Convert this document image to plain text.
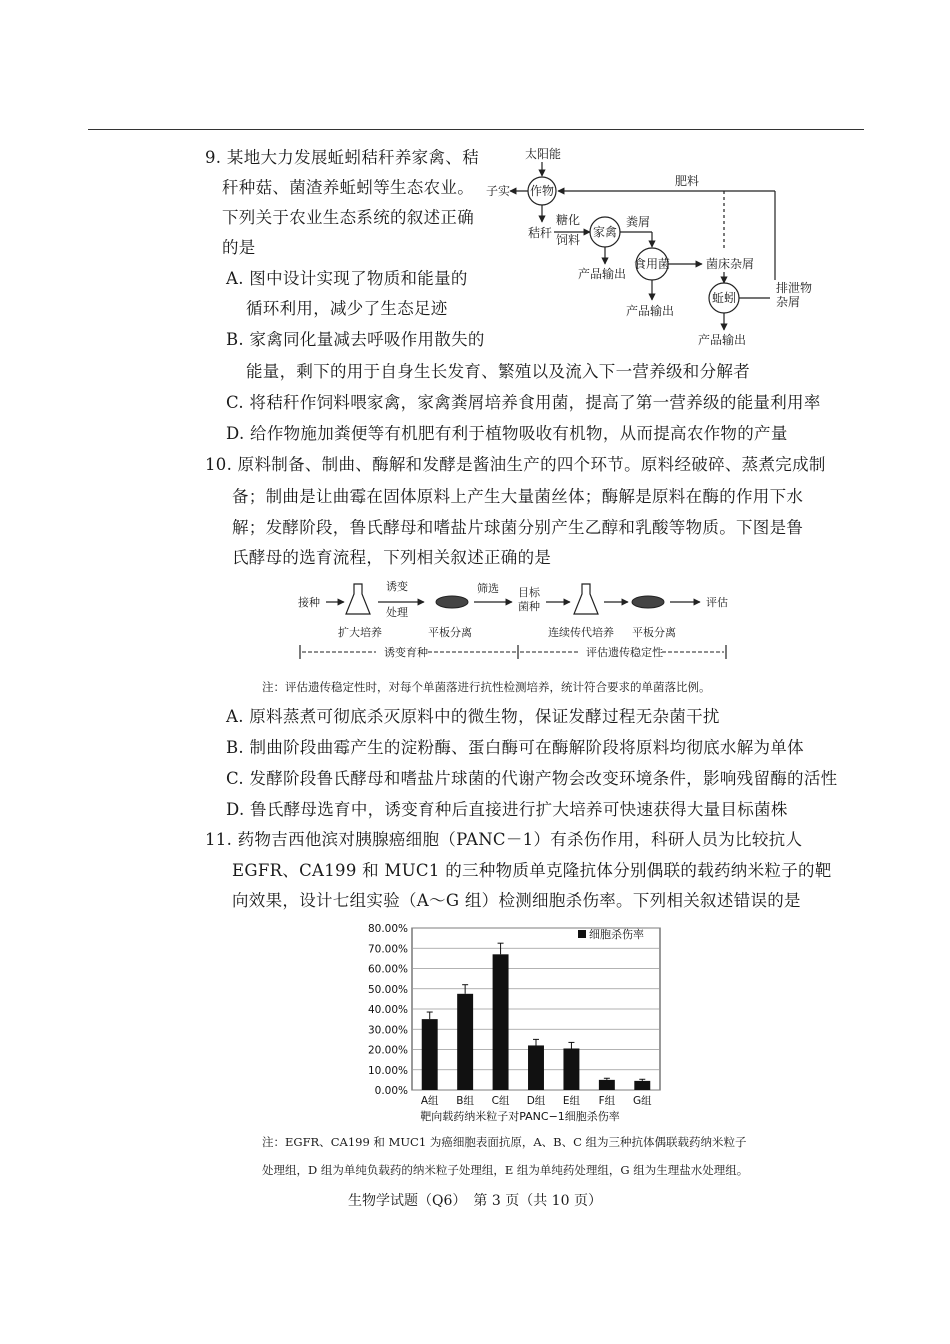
9. 某地大力发展蚯蚓秸秆养家禽、秸
秆种菇、菌渣养蚯蚓等生态农业。
下列关于农业生态系统的叙述正确
的是
A. 图中设计实现了物质和能量的
循环利用，减少了生态足迹
B. 家禽同化量减去呼吸作用散失的
能量，剩下的用于自身生长发育、繁殖以及流入下一营养级和分解者
C. 将秸秆作饲料喂家禽，家禽粪屑培养食用菌，提高了第一营养级的能量利用率
D. 给作物施加粪便等有机肥有利于植物吸收有机物，从而提高农作物的产量
太阳能
作物
子实
肥料
秸秆
糖化
饲料
家禽
产品输出
粪屑
食用菌
产品输出
菌床杂屑
蚯蚓
排泄物
杂屑
产品输出
10. 原料制备、制曲、酶解和发酵是酱油生产的四个环节。原料经破碎、蒸煮完成制
备；制曲是让曲霉在固体原料上产生大量菌丝体；酶解是原料在酶的作用下水
解；发酵阶段，鲁氏酵母和嗜盐片球菌分别产生乙醇和乳酸等物质。下图是鲁
氏酵母的选育流程，下列相关叙述正确的是
接种
诱变
处理
筛选 目标
菌种	评估
扩大培养	平板分离	连续传代培养 平板分离
诱变育种	评估遗传稳定性
注：评估遗传稳定性时，对每个单菌落进行抗性检测培养，统计符合要求的单菌落比例。
A. 原料蒸煮可彻底杀灭原料中的微生物，保证发酵过程无杂菌干扰
B. 制曲阶段曲霉产生的淀粉酶、蛋白酶可在酶解阶段将原料均彻底水解为单体
C. 发酵阶段鲁氏酵母和嗜盐片球菌的代谢产物会改变环境条件，影响残留酶的活性
D. 鲁氏酵母选育中，诱变育种后直接进行扩大培养可快速获得大量目标菌株
11. 药物吉西他滨对胰腺癌细胞（PANC－1）有杀伤作用，科研人员为比较抗人
EGFR、CA199 和 MUC1 的三种物质单克隆抗体分别偶联的载药纳米粒子的靶
向效果，设计七组实验（A～G 组）检测细胞杀伤率。下列相关叙述错误的是
0.00%
10.00%
20.00%
30.00%
40.00%
50.00%
60.00%
70.00%
80.00%
A组 B组 C组 D组 E组 F组 G组
细胞杀伤率
靶向载药纳米粒子对PANC−1细胞杀伤率
注：EGFR、CA199 和 MUC1 为癌细胞表面抗原，A、B、C 组为三种抗体偶联载药纳米粒子
处理组，D 组为单纯负载药的纳米粒子处理组，E 组为单纯药处理组，G 组为生理盐水处理组。
生物学试题（Q6）　第 3 页（共 10 页）
